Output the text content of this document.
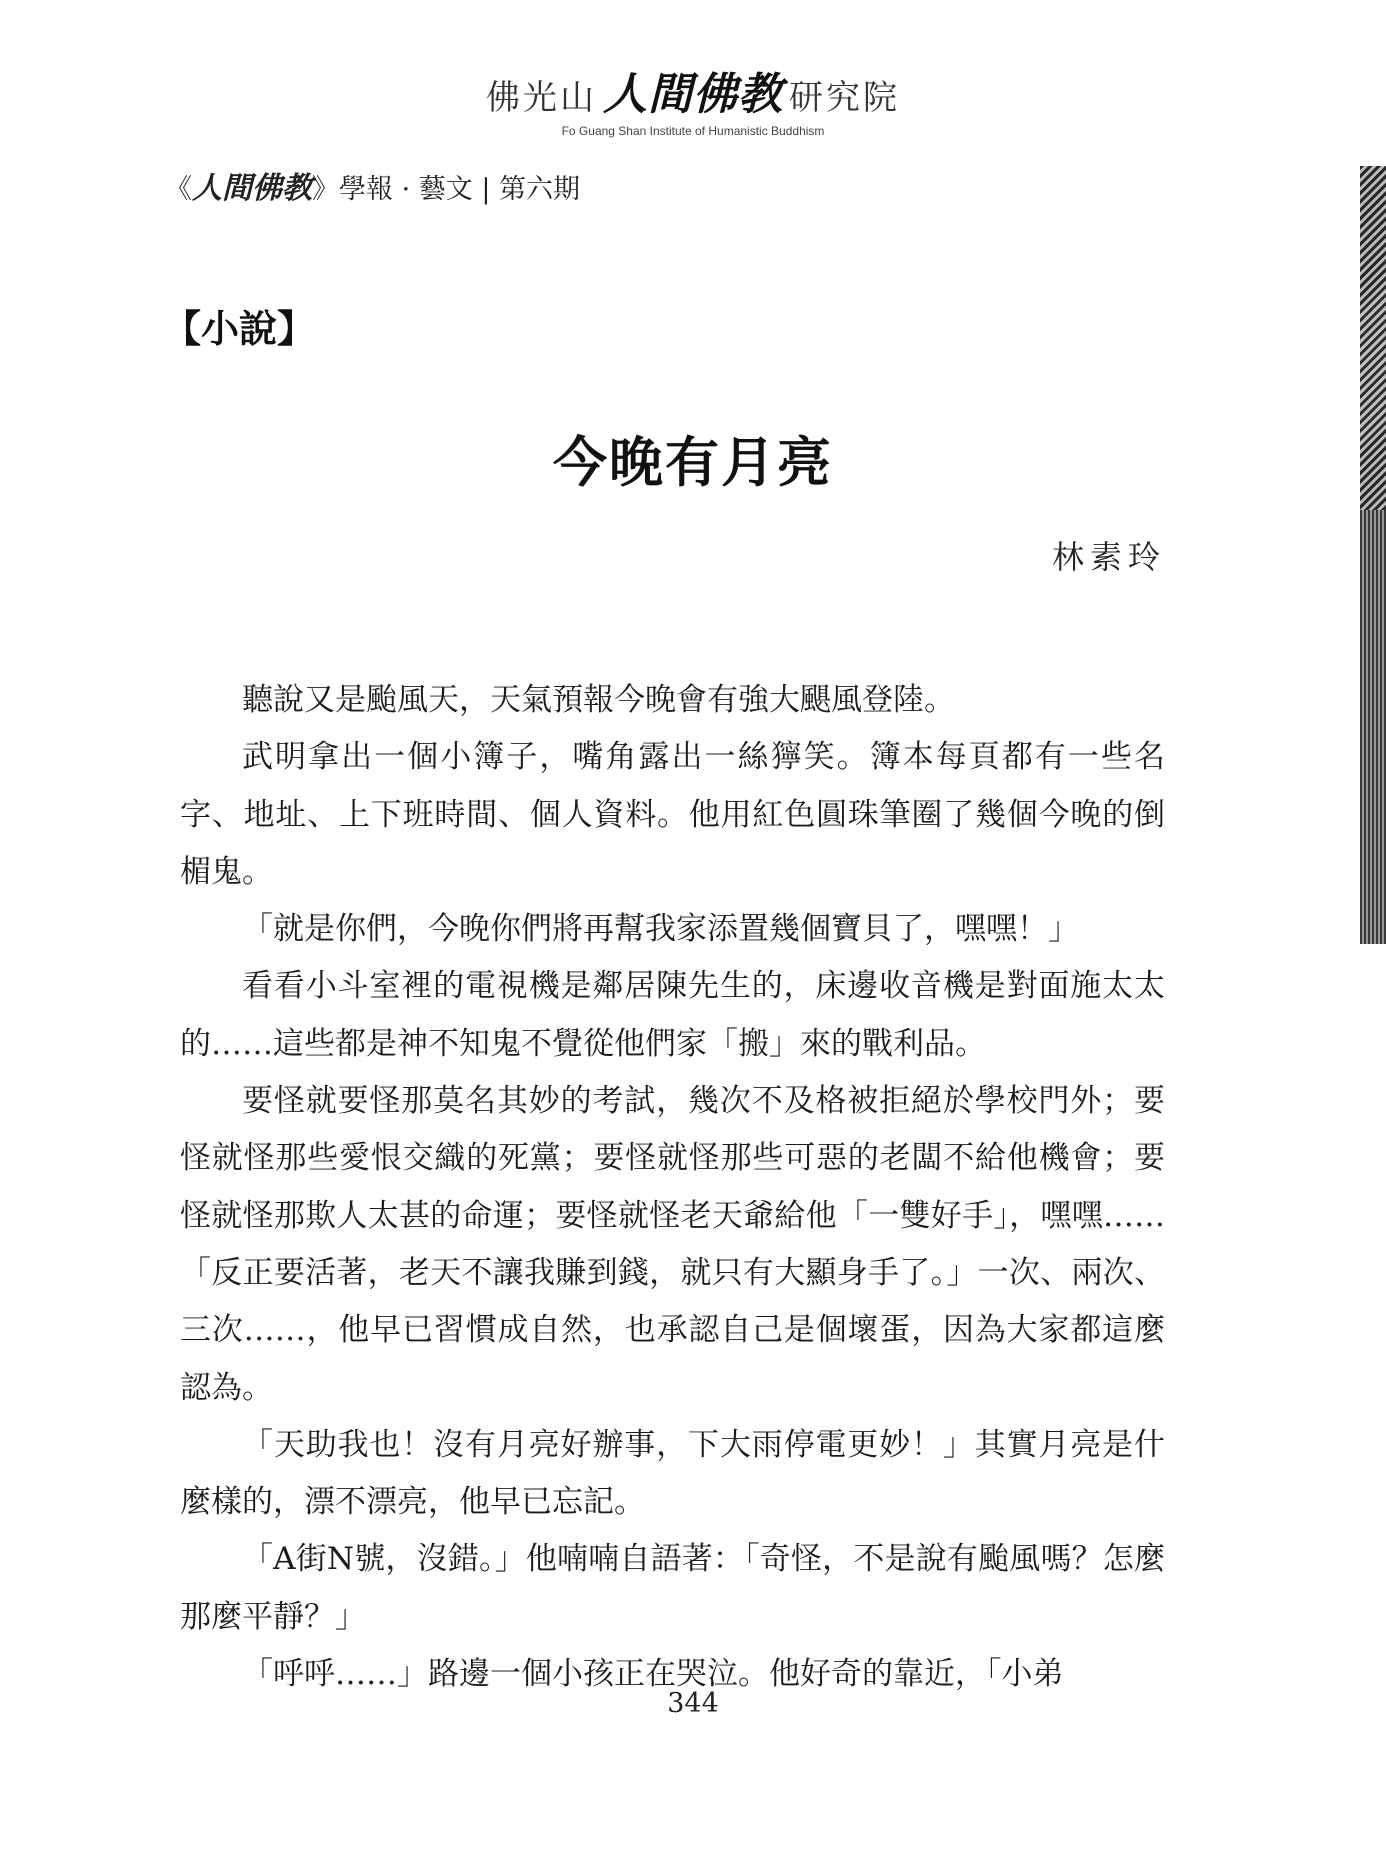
佛光山 人間佛教 研究院
Fo Guang Shan Institute of Humanistic Buddhism
《人間佛教》學報 · 藝文 | 第六期
【小說】
今晚有月亮
林素玲

聽說又是颱風天，天氣預報今晚會有強大颶風登陸。

武明拿出一個小簿子，嘴角露出一絲獰笑。簿本每頁都有一些名字、地址、上下班時間、個人資料。他用紅色圓珠筆圈了幾個今晚的倒楣鬼。

「就是你們，今晚你們將再幫我家添置幾個寶貝了，嘿嘿！」

看看小斗室裡的電視機是鄰居陳先生的，床邊收音機是對面施太太的……這些都是神不知鬼不覺從他們家「搬」來的戰利品。

要怪就要怪那莫名其妙的考試，幾次不及格被拒絕於學校門外；要怪就怪那些愛恨交織的死黨；要怪就怪那些可惡的老闆不給他機會；要怪就怪那欺人太甚的命運；要怪就怪老天爺給他「一雙好手」，嘿嘿……「反正要活著，老天不讓我賺到錢，就只有大顯身手了。」一次、兩次、三次……，他早已習慣成自然，也承認自己是個壞蛋，因為大家都這麼認為。

「天助我也！沒有月亮好辦事，下大雨停電更妙！」其實月亮是什麼樣的，漂不漂亮，他早已忘記。

「A街N號，沒錯。」他喃喃自語著：「奇怪，不是說有颱風嗎？怎麼那麼平靜？」

「呼呼……」路邊一個小孩正在哭泣。他好奇的靠近，「小弟

344
